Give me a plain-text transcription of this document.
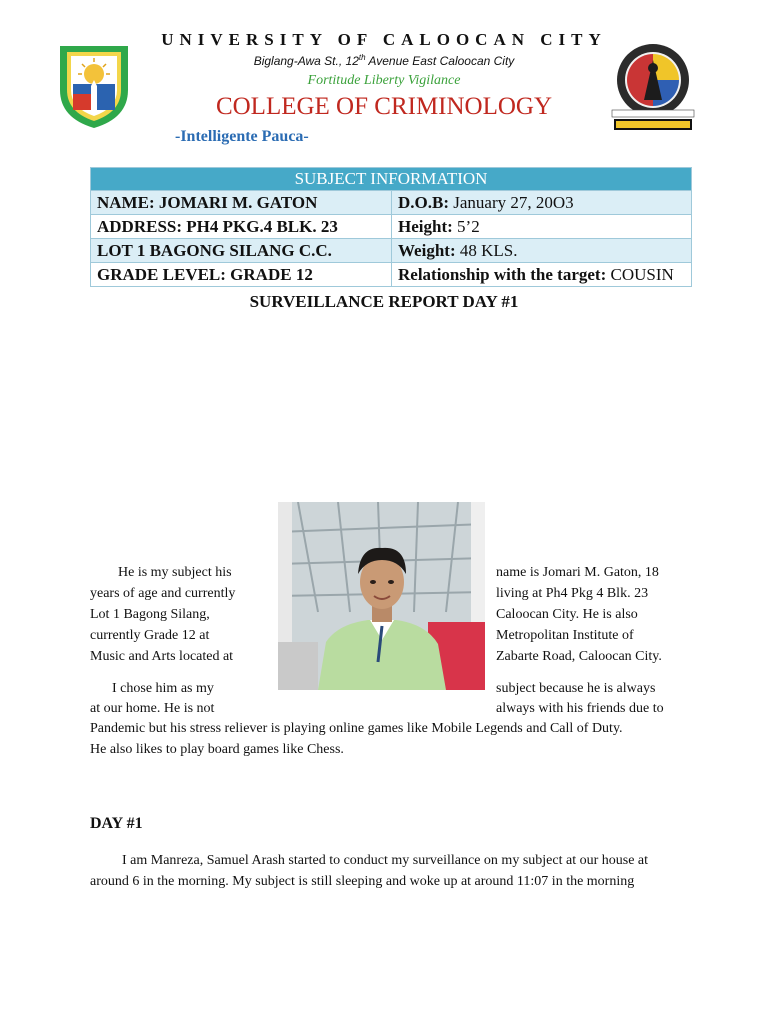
UNIVERSITY OF CALOOCAN CITY
Biglang-Awa St., 12th Avenue East Caloocan City
Fortitude Liberty Vigilance
COLLEGE OF CRIMINOLOGY
-Intelligente Pauca-
SUBJECT INFORMATION	
NAME: JOMARI M. GATON	D.O.B: January 27, 20O3
ADDRESS: PH4 PKG.4 BLK. 23	Height: 5’2
LOT 1 BAGONG SILANG C.C.	Weight: 48 KLS.
GRADE LEVEL: GRADE 12	Relationship with the target: COUSIN
SURVEILLANCE REPORT DAY #1
He is my subject his
years of age and currently
Lot 1 Bagong Silang,
currently Grade 12 at
Music and Arts located at
name is Jomari M. Gaton, 18
living at Ph4 Pkg 4 Blk. 23
Caloocan City. He is also
Metropolitan Institute of
Zabarte Road, Caloocan City.
I chose him as my	subject because he is always
at our home. He is not	always with his friends due to
Pandemic but his stress reliever is playing online games like Mobile Legends and Call of Duty.
He also likes to play board games like Chess.
DAY #1
I am Manreza, Samuel Arash started to conduct my surveillance on my subject at our house at around 6 in the morning. My subject is still sleeping and woke up at around 11:07 in the morning
